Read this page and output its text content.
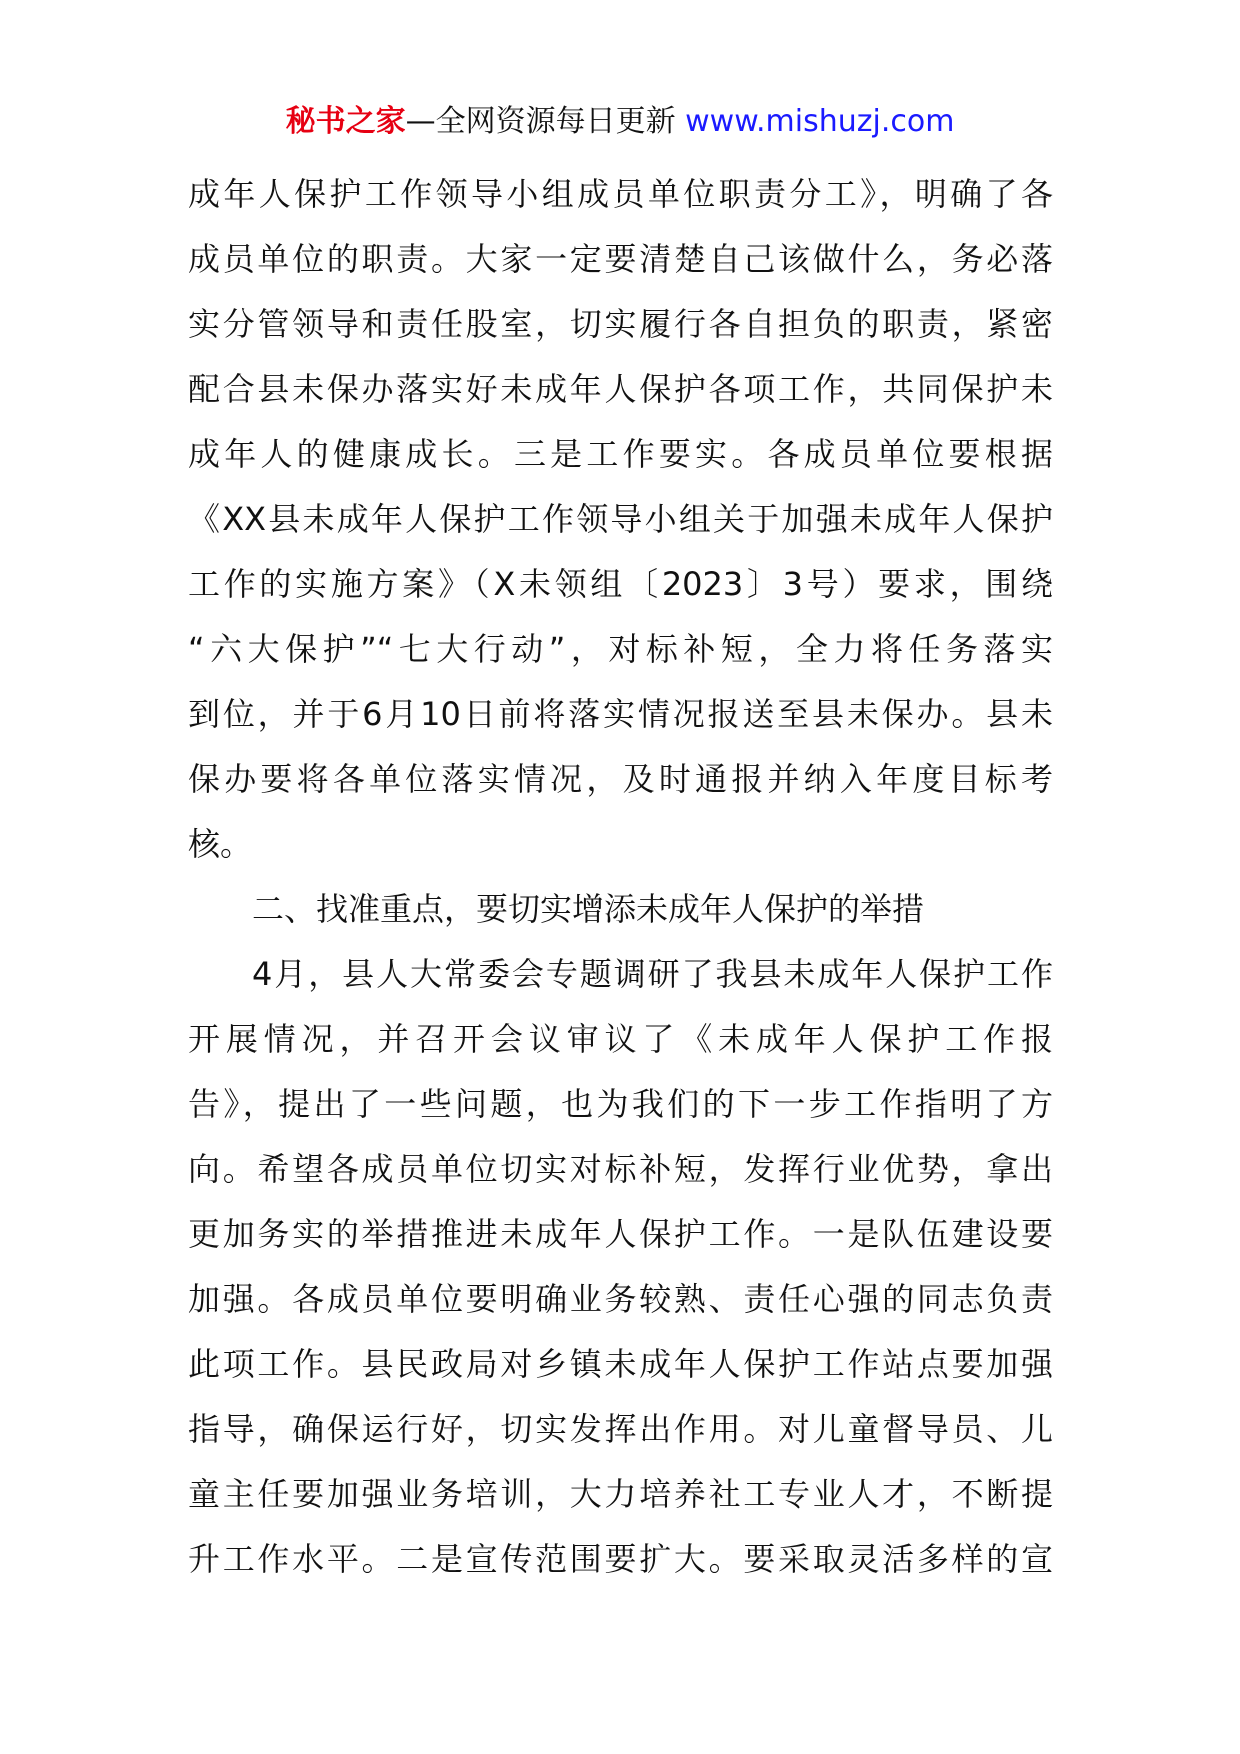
秘书之家—全网资源每日更新 www.mishuzj.com
成年人保护工作领导小组成员单位职责分工》，明确了各
成员单位的职责。大家一定要清楚自己该做什么，务必落
实分管领导和责任股室，切实履行各自担负的职责，紧密
配合县未保办落实好未成年人保护各项工作，共同保护未
成年人的健康成长。三是工作要实。各成员单位要根据
《XX县未成年人保护工作领导小组关于加强未成年人保护
工作的实施方案》（X未领组〔2023〕3号）要求，围绕
“六大保护”“七大行动”，对标补短，全力将任务落实
到位，并于6月10日前将落实情况报送至县未保办。县未
保办要将各单位落实情况，及时通报并纳入年度目标考
核。
二、找准重点，要切实增添未成年人保护的举措
4月，县人大常委会专题调研了我县未成年人保护工作
开展情况，并召开会议审议了《未成年人保护工作报
告》，提出了一些问题，也为我们的下一步工作指明了方
向。希望各成员单位切实对标补短，发挥行业优势，拿出
更加务实的举措推进未成年人保护工作。一是队伍建设要
加强。各成员单位要明确业务较熟、责任心强的同志负责
此项工作。县民政局对乡镇未成年人保护工作站点要加强
指导，确保运行好，切实发挥出作用。对儿童督导员、儿
童主任要加强业务培训，大力培养社工专业人才，不断提
升工作水平。二是宣传范围要扩大。要采取灵活多样的宣
